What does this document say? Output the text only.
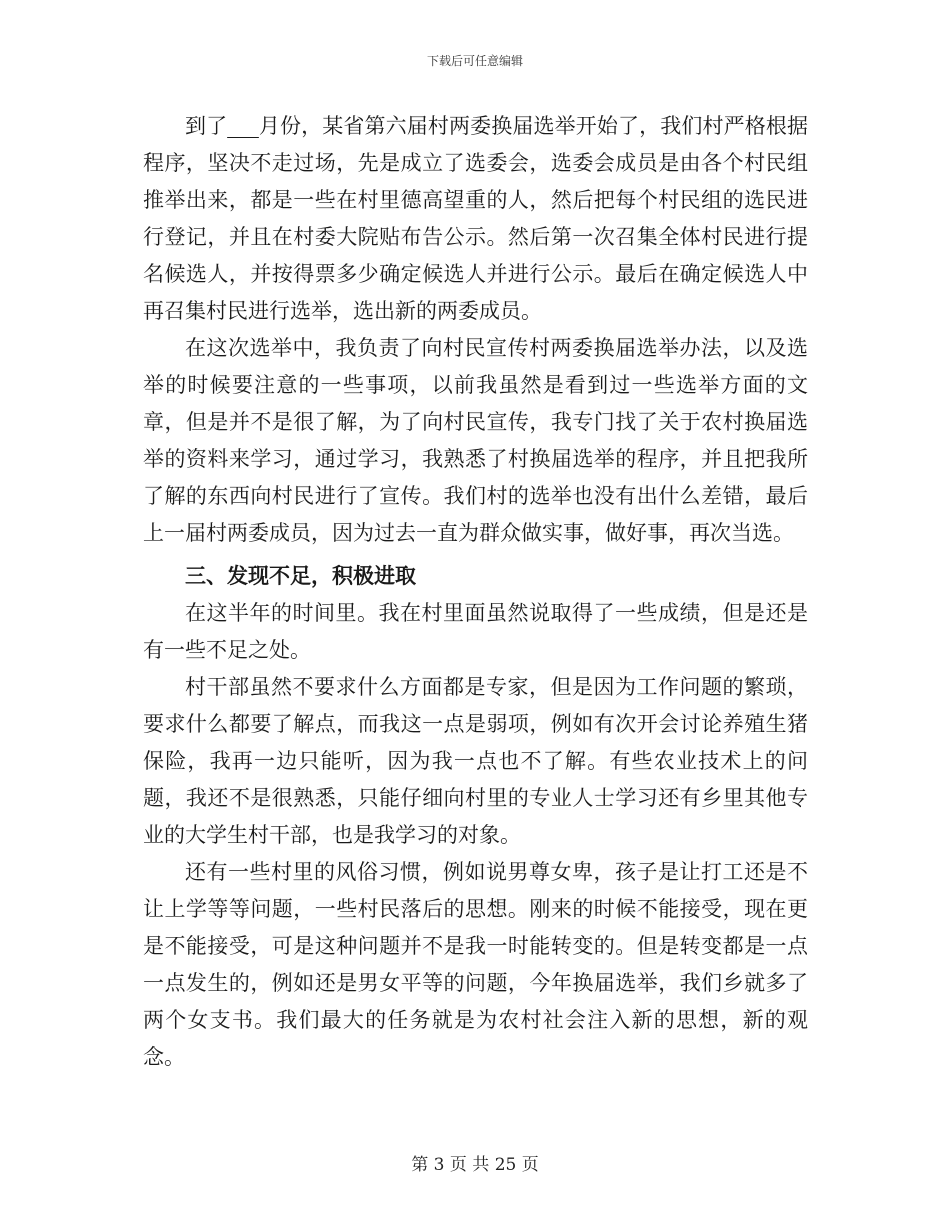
下载后可任意编辑

到了___月份，某省第六届村两委换届选举开始了，我们村严格根据程序，坚决不走过场，先是成立了选委会，选委会成员是由各个村民组推举出来，都是一些在村里德高望重的人，然后把每个村民组的选民进行登记，并且在村委大院贴布告公示。然后第一次召集全体村民进行提名候选人，并按得票多少确定候选人并进行公示。最后在确定候选人中再召集村民进行选举，选出新的两委成员。

在这次选举中，我负责了向村民宣传村两委换届选举办法，以及选举的时候要注意的一些事项，以前我虽然是看到过一些选举方面的文章，但是并不是很了解，为了向村民宣传，我专门找了关于农村换届选举的资料来学习，通过学习，我熟悉了村换届选举的程序，并且把我所了解的东西向村民进行了宣传。我们村的选举也没有出什么差错，最后上一届村两委成员，因为过去一直为群众做实事，做好事，再次当选。

三、发现不足，积极进取

在这半年的时间里。我在村里面虽然说取得了一些成绩，但是还是有一些不足之处。

村干部虽然不要求什么方面都是专家，但是因为工作问题的繁琐，要求什么都要了解点，而我这一点是弱项，例如有次开会讨论养殖生猪保险，我再一边只能听，因为我一点也不了解。有些农业技术上的问题，我还不是很熟悉，只能仔细向村里的专业人士学习还有乡里其他专业的大学生村干部，也是我学习的对象。

还有一些村里的风俗习惯，例如说男尊女卑，孩子是让打工还是不让上学等等问题，一些村民落后的思想。刚来的时候不能接受，现在更是不能接受，可是这种问题并不是我一时能转变的。但是转变都是一点一点发生的，例如还是男女平等的问题，今年换届选举，我们乡就多了两个女支书。我们最大的任务就是为农村社会注入新的思想，新的观念。

第 3 页 共 25 页
